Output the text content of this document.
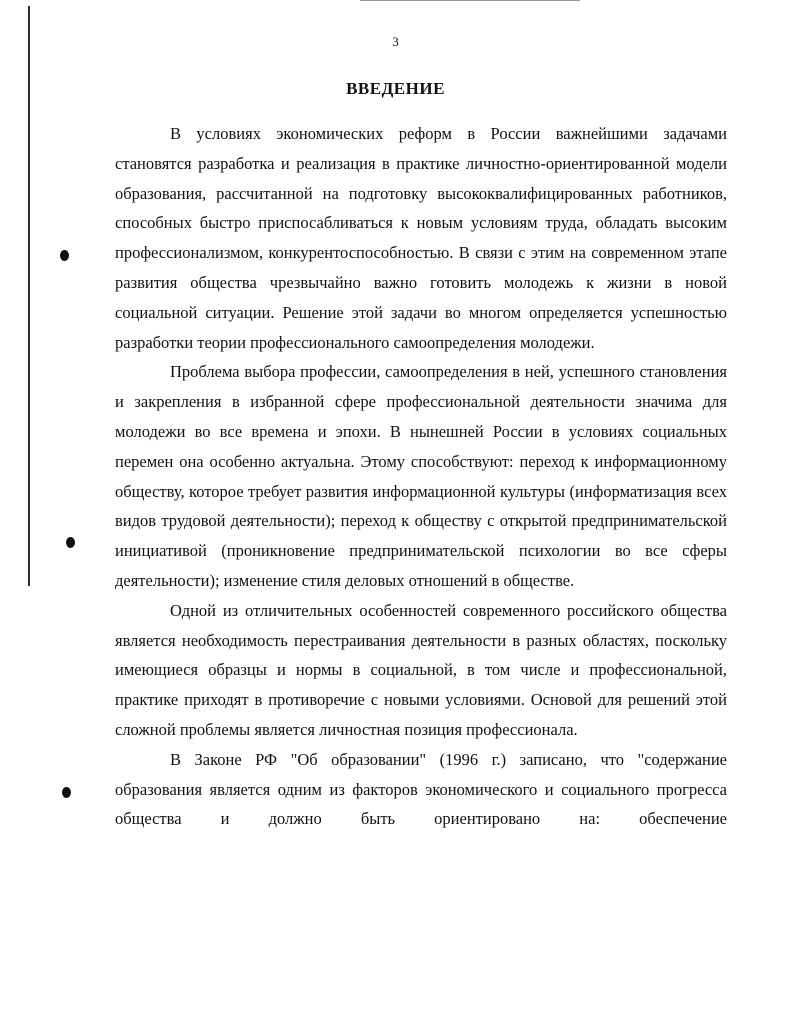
3
ВВЕДЕНИЕ

В условиях экономических реформ в России важнейшими задачами становятся разработка и реализация в практике личностно-ориентированной модели образования, рассчитанной на подготовку высококвалифицированных работников, способных быстро приспосабливаться к новым условиям труда, обладать высоким профессионализмом, конкурентоспособностью. В связи с этим на современном этапе развития общества чрезвычайно важно готовить молодежь к жизни в новой социальной ситуации. Решение этой задачи во многом определяется успешностью разработки теории профессионального самоопределения молодежи.

Проблема выбора профессии, самоопределения в ней, успешного становления и закрепления в избранной сфере профессиональной деятельности значима для молодежи во все времена и эпохи. В нынешней России в условиях социальных перемен она особенно актуальна. Этому способствуют: переход к информационному обществу, которое требует развития информационной культуры (информатизация всех видов трудовой деятельности); переход к обществу с открытой предпринимательской инициативой (проникновение предпринимательской психологии во все сферы деятельности); изменение стиля деловых отношений в обществе.

Одной из отличительных особенностей современного российского общества является необходимость перестраивания деятельности в разных областях, поскольку имеющиеся образцы и нормы в социальной, в том числе и профессиональной, практике приходят в противоречие с новыми условиями. Основой для решений этой сложной проблемы является личностная позиция профессионала.

В Законе РФ "Об образовании" (1996 г.) записано, что "содержание образования является одним из факторов экономического и социального прогресса общества и должно быть ориентировано на: обеспечение
